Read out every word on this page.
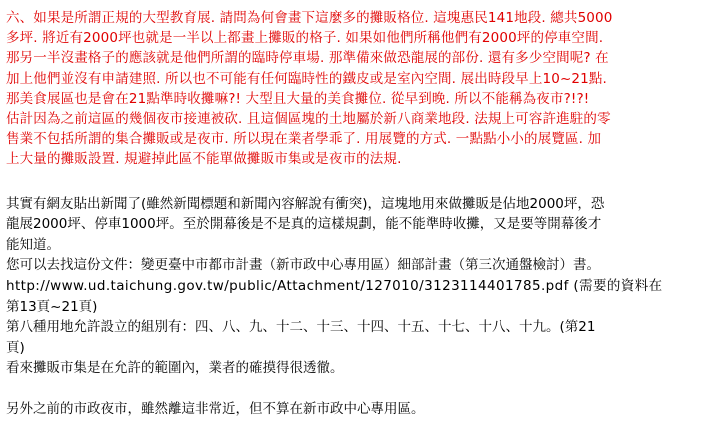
六、如果是所謂正規的大型教育展. 請問為何會畫下這麼多的攤販格位. 這塊惠民141地段. 總共5000
多坪. 將近有2000坪也就是一半以上都畫上攤販的格子. 如果如他們所稱他們有2000坪的停車空間.
那另一半沒畫格子的應該就是他們所謂的臨時停車場. 那準備來做恐龍展的部份. 還有多少空間呢? 在
加上他們並沒有申請建照. 所以也不可能有任何臨時性的鐵皮或是室內空間. 展出時段早上10~21點.
那美食展區也是會在21點準時收攤嘛?! 大型且大量的美食攤位. 從早到晚. 所以不能稱為夜市?!?!
估計因為之前這區的幾個夜市接連被砍. 且這個區塊的土地屬於新八商業地段. 法規上可容許進駐的零
售業不包括所謂的集合攤販或是夜市. 所以現在業者學乖了. 用展覽的方式. 一點點小小的展覽區. 加
上大量的攤販設置. 規避掉此區不能單做攤販市集或是夜市的法規.
其實有網友貼出新聞了(雖然新聞標題和新聞內容解說有衝突)，這塊地用來做攤販是佔地2000坪，恐
龍展2000坪、停車1000坪。至於開幕後是不是真的這樣規劃，能不能準時收攤，又是要等開幕後才
能知道。
您可以去找這份文件：變更臺中市都市計畫（新市政中心專用區）細部計畫（第三次通盤檢討）書。
http://www.ud.taichung.gov.tw/public/Attachment/127010/3123114401785.pdf (需要的資料在
第13頁~21頁)
第八種用地允許設立的組別有：四、八、九、十二、十三、十四、十五、十七、十八、十九。(第21
頁)
看來攤販市集是在允許的範圍內，業者的確摸得很透徹。
另外之前的市政夜市，雖然離這非常近，但不算在新市政中心專用區。
